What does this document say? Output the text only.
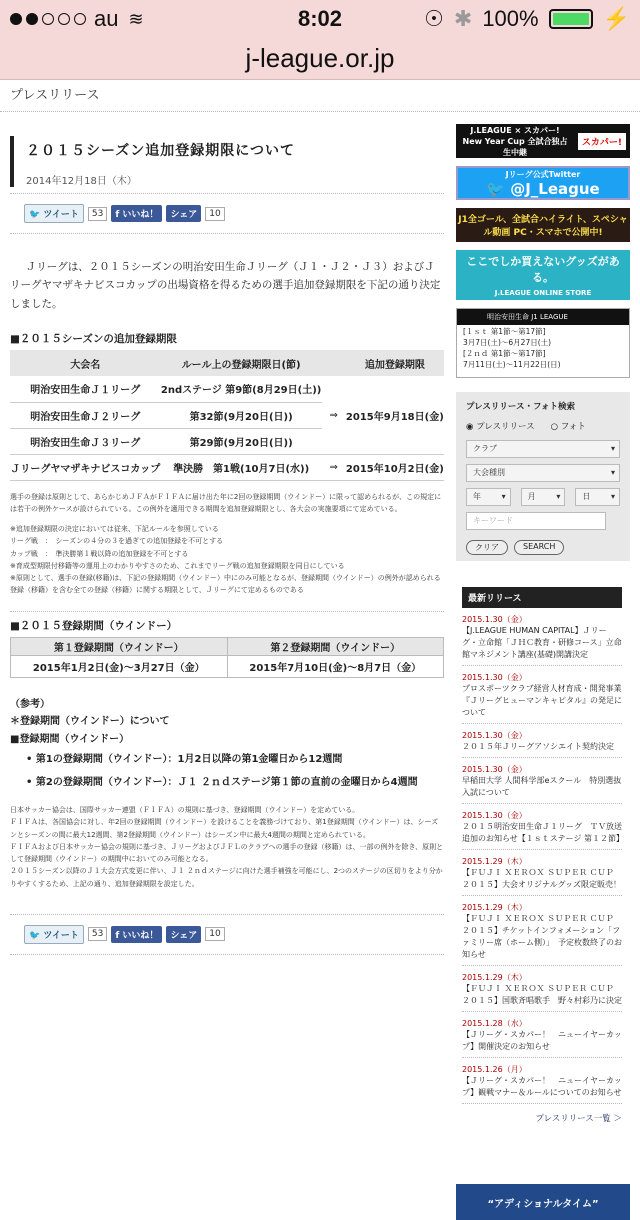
au ≋	8:02	☉ ✱ 100%	⚡
j-league.or.jp
プレスリリース
２０１５シーズン追加登録期限について
2014年12月18日（木）
🐦 ツイート	53	f いいね！	シェア	10

Ｊリーグは、２０１５シーズンの明治安田生命Ｊリーグ（Ｊ１・Ｊ２・Ｊ３）およびＪリーグヤマザキナビスコカップの出場資格を得るための選手追加登録期限を下記の通り決定しました。

■２０１５シーズンの追加登録期限
大会名	ルール上の登録期限日(節)		追加登録期限
明治安田生命Ｊ１リーグ	2ndステージ 第9節(8月29日(土))		
明治安田生命Ｊ２リーグ	第32節(9月20日(日))	⇒	2015年9月18日(金)
明治安田生命Ｊ３リーグ	第29節(9月20日(日))		
Ｊリーグヤマザキナビスコカップ	準決勝　第1戦(10月7日(水))	⇒	2015年10月2日(金)

選手の登録は原則として、あらかじめＪＦＡがＦＩＦＡに届け出た年に2回の登録期間（ウインドー）に限って認められるが、この規定には若干の例外ケースが設けられている。この例外を適用できる期間を追加登録期限とし、各大会の実施要項にて定めている。

※追加登録期限の決定においては従来、下記ルールを参照している
リーグ戦　：　シーズンの４分の３を過ぎての追加登録を不可とする
カップ戦　：　準決勝第１戦以降の追加登録を不可とする
※育成型期限付移籍等の運用上のわかりやすさのため、これまでリーグ戦の追加登録期限を同日にしている
※原則として、選手の登録(移籍)は、下記の登録期間（ウインドー）中にのみ可能となるが、登録期間（ウインドー）の例外が認められる登録（移籍）を含む全ての登録（移籍）に関する期限として、Ｊリーグにて定めるものである
■２０１５登録期間（ウインドー）
第１登録期間（ウインドー）	第２登録期間（ウインドー）
2015年1月2日(金)〜3月27日（金）	2015年7月10日(金)〜8月7日（金）
（参考）
＊登録期間（ウインドー）について
■登録期間（ウインドー）
• 第1の登録期間（ウインドー）：1月2日以降の第1金曜日から12週間
• 第2の登録期間（ウインドー）：Ｊ１ ２ｎｄステージ第１節の直前の金曜日から4週間
日本サッカー協会は、国際サッカー連盟（ＦＩＦＡ）の規則に基づき、登録期間（ウインドー）を定めている。
ＦＩＦＡは、各国協会に対し、年2回の登録期間（ウインドー）を設けることを義務づけており、第1登録期間（ウインドー）は、シーズンとシーズンの間に最大12週間、第2登録期間（ウインドー）はシーズン中に最大4週間の期間と定められている。
ＦＩＦＡおよび日本サッカー協会の規則に基づき、ＪリーグおよびＪＦＬのクラブへの選手の登録（移籍）は、一部の例外を除き、原則として登録期間（ウインドー）の期間中においてのみ可能となる。
２０１５シーズン以降のＪ１大会方式変更に伴い、Ｊ１ ２ｎｄステージに向けた選手補強を可能にし、2つのステージの区切りをより分かりやすくするため、上記の通り、追加登録期限を設定した。
🐦 ツイート	53	f いいね！	シェア	10
J.LEAGUE × スカパー! New Year Cup 全試合独占生中継
スカパー!
Jリーグ公式Twitter
🐦 @J_League
J1全ゴール、全試合ハイライト、スペシャル動画 PC・スマホで公開中!
ここでしか買えないグッズがある。
J.LEAGUE ONLINE STORE
明治安田生命 J1 LEAGUE
[１ｓｔ 第1節〜第17節]
3月7日(土)〜6月27日(土)
[２ｎｄ 第1節〜第17節]
7月11日(土)〜11月22日(日)
プレスリリース・フォト検索
◉ プレスリリース ○ フォト
クラブ ▾
大会種別 ▾
年 ▾	月 ▾	日 ▾
キーワード
クリア	SEARCH
最新リリース
2015.1.30（金）
【J.LEAGUE HUMAN CAPITAL】Ｊリーグ・立命館「ＪＨＣ教育・研修コース」立命館マネジメント講座(基礎)開講決定
2015.1.30（金）
プロスポーツクラブ経営人材育成・開発事業『Ｊリーグヒューマンキャピタル』の発足について
2015.1.30（金）
２０１５年Ｊリーグアソシエイト契約決定
2015.1.30（金）
早稲田大学 人間科学部eスクール　特別選抜入試について
2015.1.30（金）
２０１５明治安田生命Ｊ１リーグ　ＴＶ放送追加のお知らせ【１ｓｔステージ 第１２節】
2015.1.29（木）
【ＦＵＪＩ ＸＥＲＯＸ ＳＵＰＥＲ ＣＵＰ ２０１５】大会オリジナルグッズ限定販売！
2015.1.29（木）
【ＦＵＪＩ ＸＥＲＯＸ ＳＵＰＥＲ ＣＵＰ ２０１５】チケットインフォメーション「ファミリー席（ホーム側）」　予定枚数終了のお知らせ
2015.1.29（木）
【ＦＵＪＩ ＸＥＲＯＸ ＳＵＰＥＲ ＣＵＰ ２０１５】国歌斉唱歌手　野々村彩乃に決定
2015.1.28（水）
【Ｊリーグ・スカパー！　ニューイヤーカップ】開催決定のお知らせ
2015.1.26（月）
【Ｊリーグ・スカパー！　ニューイヤーカップ】観戦マナー＆ルールについてのお知らせ
プレスリリース一覧 ＞
“アディショナルタイム”
